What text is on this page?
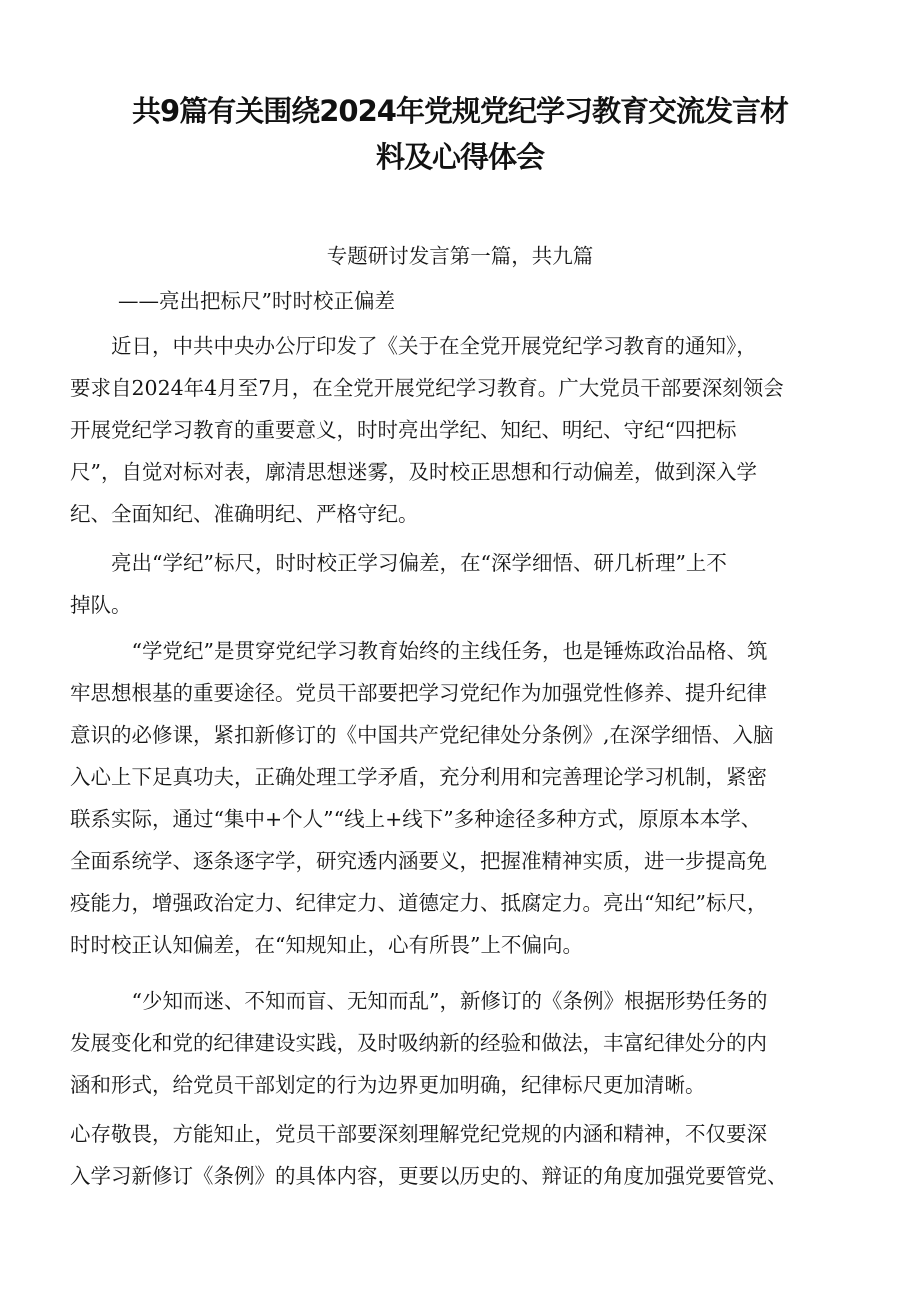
共9篇有关围绕2024年党规党纪学习教育交流发言材
料及心得体会
专题研讨发言第一篇，共九篇
——亮出把标尺”时时校正偏差

　　近日，中共中央办公厅印发了《关于在全党开展党纪学习教育的通知》，
要求自2024年4月至7月，在全党开展党纪学习教育。广大党员干部要深刻领会
开展党纪学习教育的重要意义，时时亮出学纪、知纪、明纪、守纪“四把标
尺”，自觉对标对表，廓清思想迷雾，及时校正思想和行动偏差，做到深入学
纪、全面知纪、准确明纪、严格守纪。

　　亮出“学纪”标尺，时时校正学习偏差，在“深学细悟、研几析理”上不
掉队。

　　　“学党纪”是贯穿党纪学习教育始终的主线任务，也是锤炼政治品格、筑
牢思想根基的重要途径。党员干部要把学习党纪作为加强党性修养、提升纪律
意识的必修课，紧扣新修订的《中国共产党纪律处分条例》,在深学细悟、入脑
入心上下足真功夫，正确处理工学矛盾，充分利用和完善理论学习机制，紧密
联系实际，通过“集中+个人”“线上+线下”多种途径多种方式，原原本本学、
全面系统学、逐条逐字学，研究透内涵要义，把握准精神实质，进一步提高免
疫能力，增强政治定力、纪律定力、道德定力、抵腐定力。亮出“知纪”标尺，
时时校正认知偏差，在“知规知止，心有所畏”上不偏向。

　　　“少知而迷、不知而盲、无知而乱”，新修订的《条例》根据形势任务的
发展变化和党的纪律建设实践，及时吸纳新的经验和做法，丰富纪律处分的内
涵和形式，给党员干部划定的行为边界更加明确，纪律标尺更加清晰。

心存敬畏，方能知止，党员干部要深刻理解党纪党规的内涵和精神，不仅要深
入学习新修订《条例》的具体内容，更要以历史的、辩证的角度加强党要管党、
